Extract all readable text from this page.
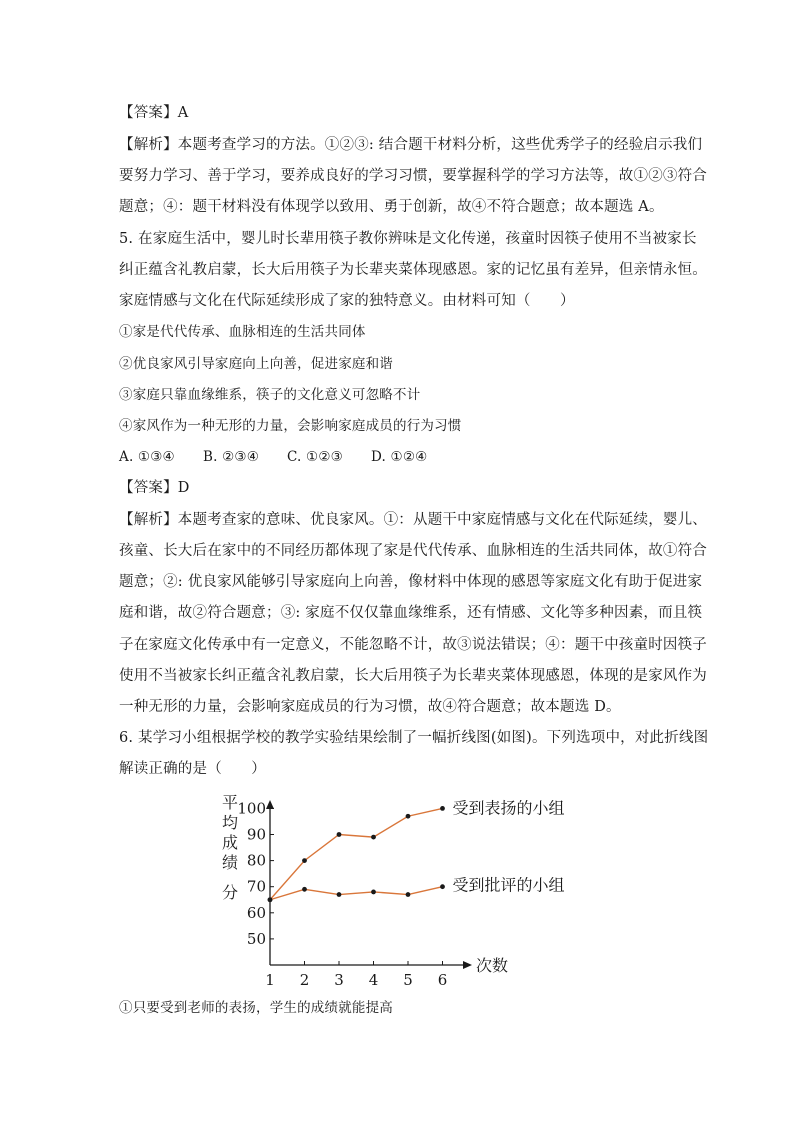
【答案】A
【解析】本题考查学习的方法。①②③: 结合题干材料分析，这些优秀学子的经验启示我们
要努力学习、善于学习，要养成良好的学习习惯，要掌握科学的学习方法等，故①②③符合
题意；④：题干材料没有体现学以致用、勇于创新，故④不符合题意；故本题选 A。
5. 在家庭生活中，婴儿时长辈用筷子教你辨味是文化传递，孩童时因筷子使用不当被家长
纠正蕴含礼教启蒙，长大后用筷子为长辈夹菜体现感恩。家的记忆虽有差异，但亲情永恒。
家庭情感与文化在代际延续形成了家的独特意义。由材料可知（　　）
①家是代代传承、血脉相连的生活共同体
②优良家风引导家庭向上向善，促进家庭和谐
③家庭只靠血缘维系，筷子的文化意义可忽略不计
④家风作为一种无形的力量，会影响家庭成员的行为习惯
A. ①③④ B. ②③④ C. ①②③ D. ①②④
【答案】D
【解析】本题考查家的意味、优良家风。①：从题干中家庭情感与文化在代际延续，婴儿、
孩童、长大后在家中的不同经历都体现了家是代代传承、血脉相连的生活共同体，故①符合
题意；②: 优良家风能够引导家庭向上向善，像材料中体现的感恩等家庭文化有助于促进家
庭和谐，故②符合题意；③: 家庭不仅仅靠血缘维系，还有情感、文化等多种因素，而且筷
子在家庭文化传承中有一定意义，不能忽略不计，故③说法错误；④：题干中孩童时因筷子
使用不当被家长纠正蕴含礼教启蒙，长大后用筷子为长辈夹菜体现感恩，体现的是家风作为
一种无形的力量，会影响家庭成员的行为习惯，故④符合题意；故本题选 D。
6. 某学习小组根据学校的教学实验结果绘制了一幅折线图(如图)。下列选项中，对此折线图
解读正确的是（　　）
次数
平
均
成
绩
分
50
60
70
80
90
100
1 2 3 4 5 6
受到表扬的小组
受到批评的小组
①只要受到老师的表扬，学生的成绩就能提高
